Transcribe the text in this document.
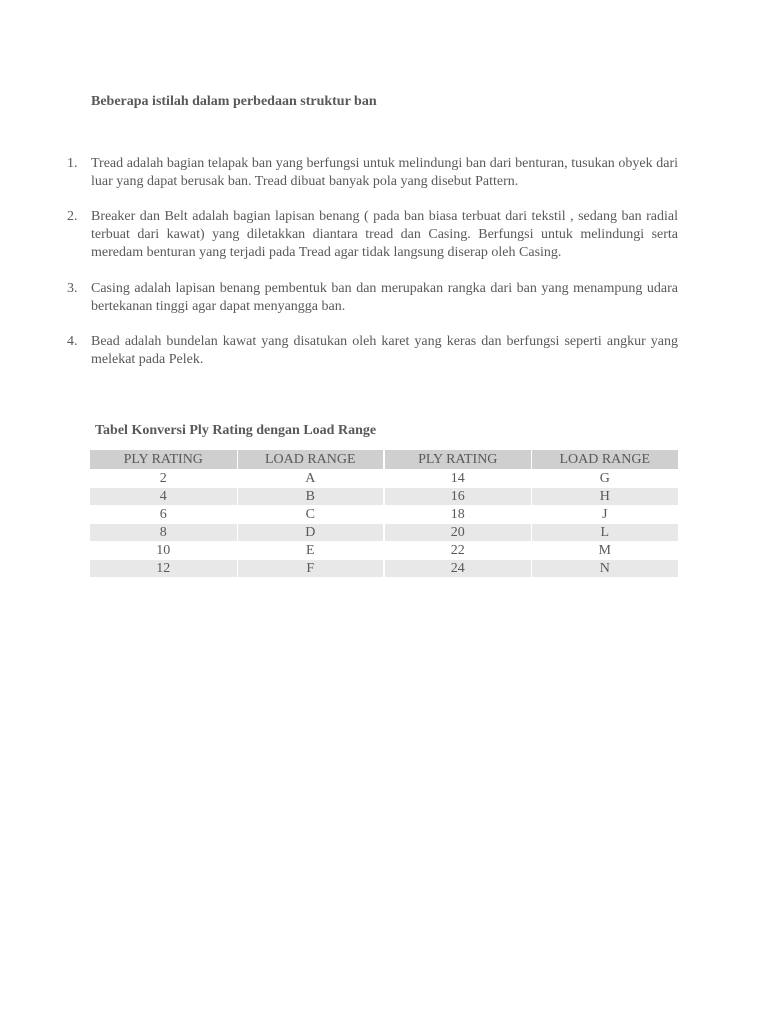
Beberapa istilah dalam perbedaan struktur ban
1. Tread adalah bagian telapak ban yang berfungsi untuk melindungi ban dari benturan, tusukan obyek dari luar yang dapat berusak ban. Tread dibuat banyak pola yang disebut Pattern.
2. Breaker dan Belt adalah bagian lapisan benang ( pada ban biasa terbuat dari tekstil , sedang ban radial terbuat dari kawat) yang diletakkan diantara tread dan Casing. Berfungsi untuk melindungi serta meredam benturan yang terjadi pada Tread agar tidak langsung diserap oleh Casing.
3. Casing adalah lapisan benang pembentuk ban dan merupakan rangka dari ban yang menampung udara bertekanan tinggi agar dapat menyangga ban.
4. Bead adalah bundelan kawat yang disatukan oleh karet yang keras dan berfungsi seperti angkur yang melekat pada Pelek.
Tabel Konversi Ply Rating dengan Load Range
PLY RATING	LOAD RANGE	PLY RATING	LOAD RANGE
2	A	14	G
4	B	16	H
6	C	18	J
8	D	20	L
10	E	22	M
12	F	24	N
